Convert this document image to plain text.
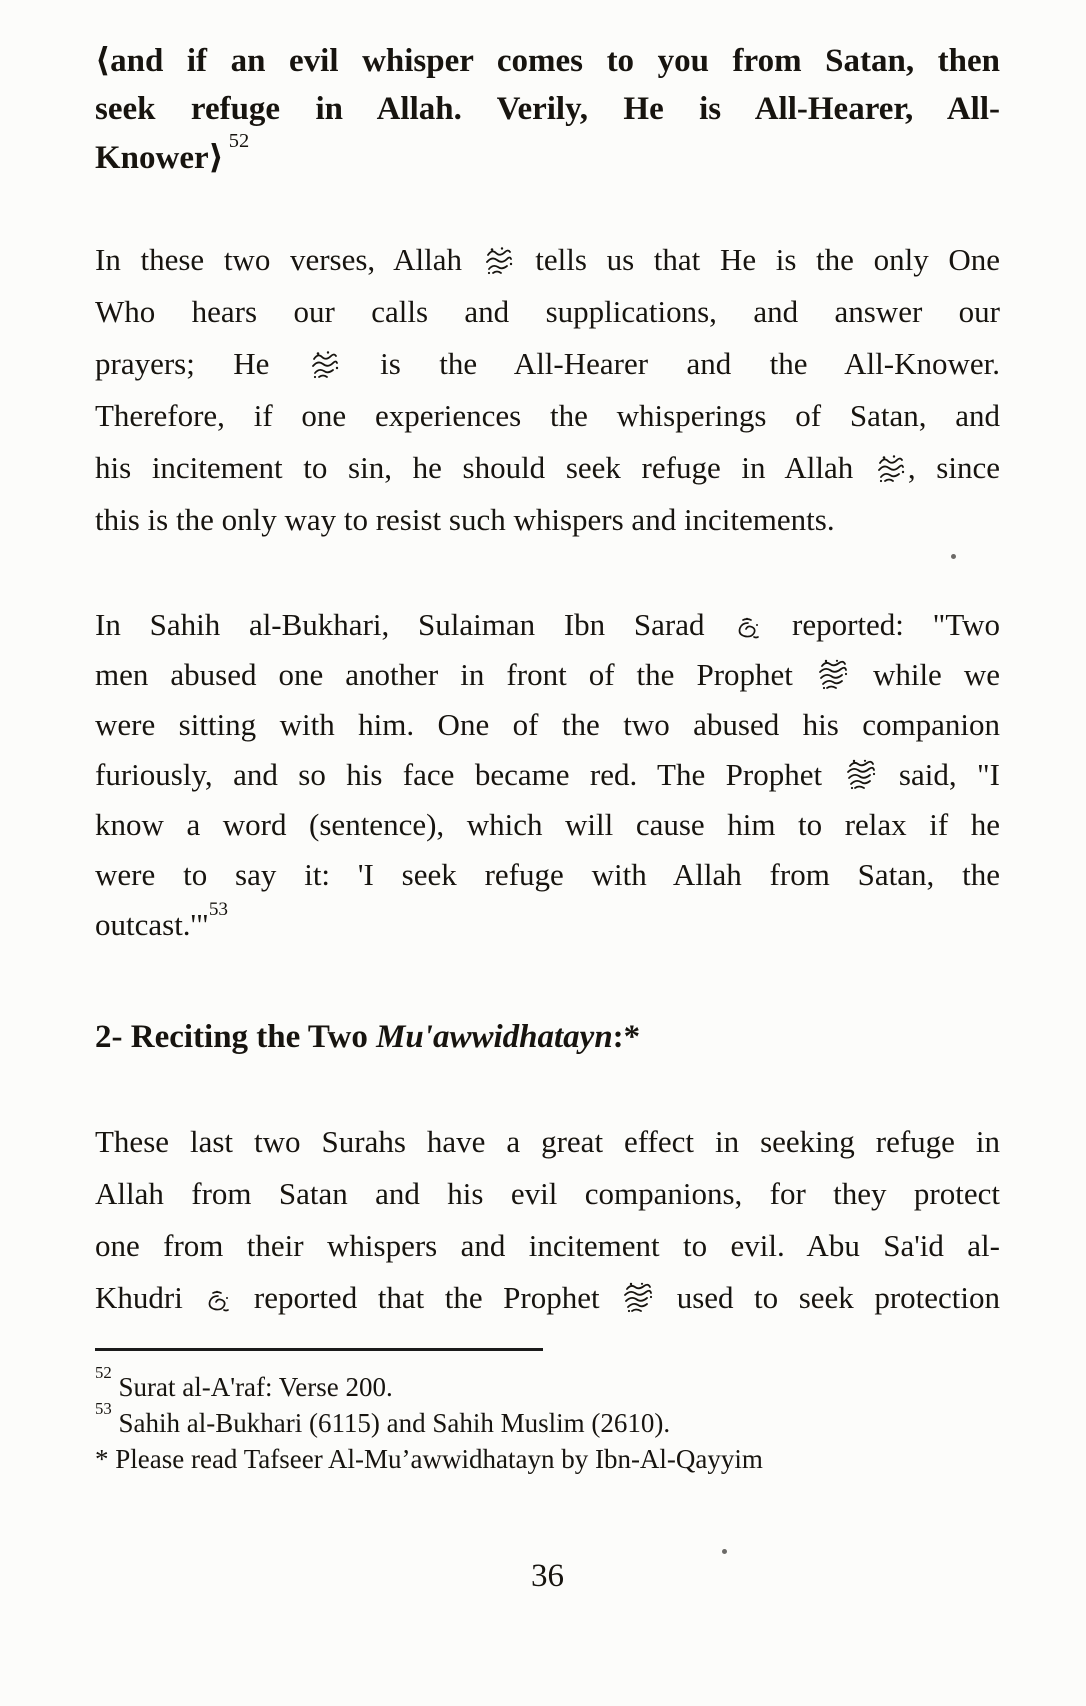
⟨and if an evil whisper comes to you from Satan, then
seek refuge in Allah. Verily, He is All-Hearer, All-
Knower⟩ $^{52}$
In these two verses, Allah  tells us that He is the only One
Who hears our calls and supplications, and answer our
prayers; He  is the All-Hearer and the All-Knower.
Therefore, if one experiences the whisperings of Satan, and
his incitement to sin, he should seek refuge in Allah , since
this is the only way to resist such whispers and incitements.
In Sahih al-Bukhari, Sulaiman Ibn Sarad  reported: "Two
men abused one another in front of the Prophet  while we
were sitting with him. One of the two abused his companion
furiously, and so his face became red. The Prophet  said, "I
know a word (sentence), which will cause him to relax if he
were to say it: 'I seek refuge with Allah from Satan, the
outcast.'"$^{53}$
2- Reciting the Two Mu'awwidhatayn:*
These last two Surahs have a great effect in seeking refuge in
Allah from Satan and his evil companions, for they protect
one from their whispers and incitement to evil. Abu Sa'id al-
Khudri  reported that the Prophet  used to seek protection
$^{52}$ Surat al-A'raf: Verse 200.
$^{53}$ Sahih al-Bukhari (6115) and Sahih Muslim (2610).
* Please read Tafseer Al-Mu’awwidhatayn by Ibn-Al-Qayyim
36
